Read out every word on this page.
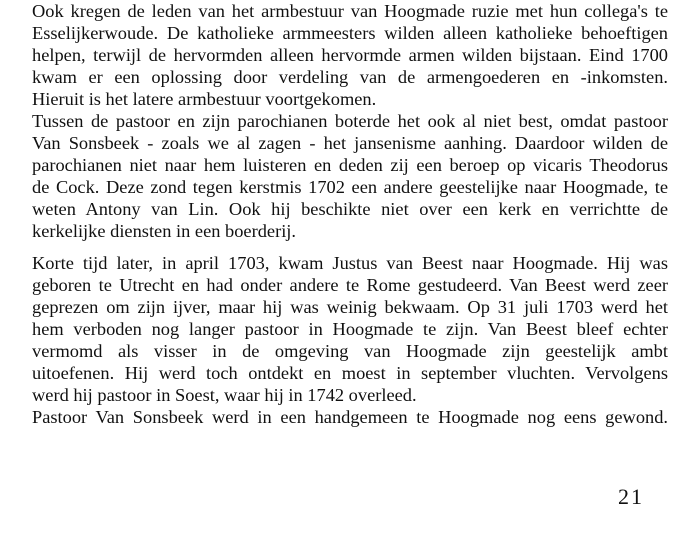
Ook kregen de leden van het armbestuur van Hoogmade ruzie met hun collega's te
Esselijkerwoude. De katholieke armmeesters wilden alleen katholieke behoeftigen
helpen, terwijl de hervormden alleen hervormde armen wilden bijstaan. Eind 1700
kwam er een oplossing door verdeling van de armengoederen en -inkomsten.
Hieruit is het latere armbestuur voortgekomen.
Tussen de pastoor en zijn parochianen boterde het ook al niet best, omdat pastoor
Van Sonsbeek - zoals we al zagen - het jansenisme aanhing. Daardoor wilden de
parochianen niet naar hem luisteren en deden zij een beroep op vicaris Theodorus
de Cock. Deze zond tegen kerstmis 1702 een andere geestelijke naar Hoogmade, te
weten Antony van Lin. Ook hij beschikte niet over een kerk en verrichtte de
kerkelijke diensten in een boerderij.
Korte tijd later, in april 1703, kwam Justus van Beest naar Hoogmade. Hij was
geboren te Utrecht en had onder andere te Rome gestudeerd. Van Beest werd zeer
geprezen om zijn ijver, maar hij was weinig bekwaam. Op 31 juli 1703 werd het
hem verboden nog langer pastoor in Hoogmade te zijn. Van Beest bleef echter
vermomd als visser in de omgeving van Hoogmade zijn geestelijk ambt
uitoefenen. Hij werd toch ontdekt en moest in september vluchten. Vervolgens
werd hij pastoor in Soest, waar hij in 1742 overleed.
Pastoor Van Sonsbeek werd in een handgemeen te Hoogmade nog eens gewond.
21
